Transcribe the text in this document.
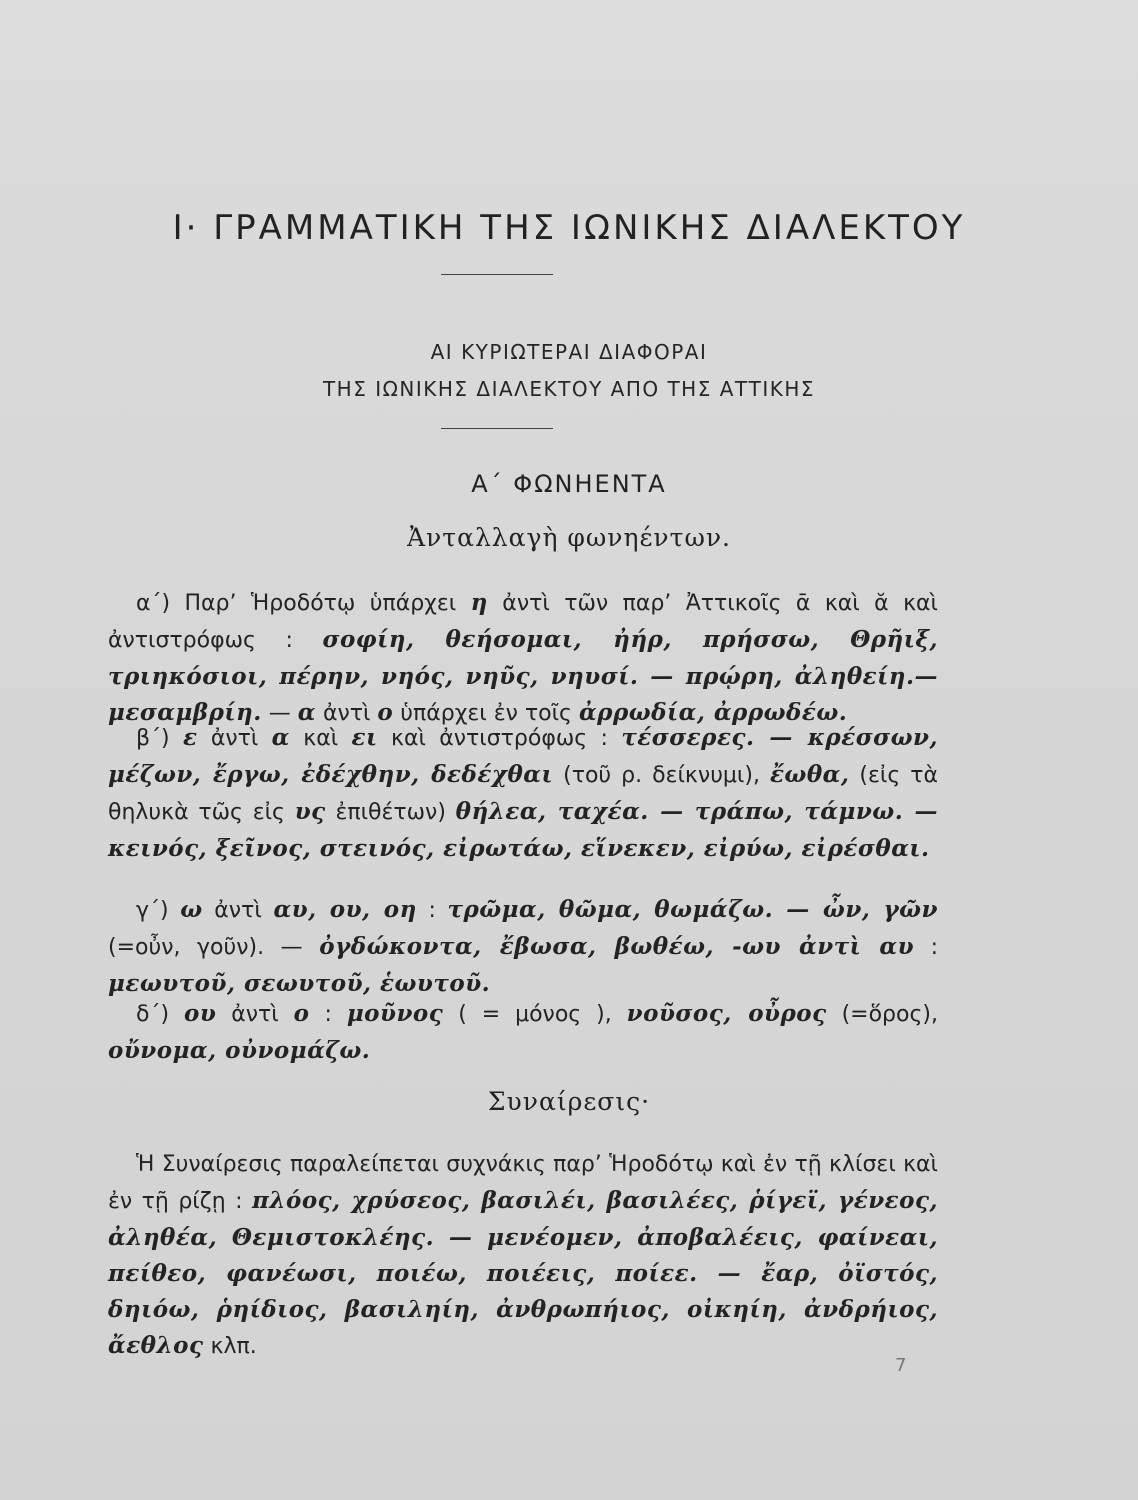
I· ΓΡΑΜΜΑΤΙΚΗ ΤΗΣ ΙΩΝΙΚΗΣ ΔΙΑΛΕΚΤΟΥ
ΑΙ ΚΥΡΙΩΤΕΡΑΙ ΔΙΑΦΟΡΑΙ
ΤΗΣ ΙΩΝΙΚΗΣ ΔΙΑΛΕΚΤΟΥ ΑΠΟ ΤΗΣ ΑΤΤΙΚΗΣ
Α΄ ΦΩΝΗΕΝΤΑ
Ἀνταλλαγὴ φωνηέντων.

α΄) Παρ’ Ἡροδότῳ ὑπάρχει η ἀντὶ τῶν παρ’ Ἀττικοῖς ᾱ καὶ ᾰ καὶ ἀντιστρόφως : σοφίη, θεήσομαι, ἠήρ, πρήσσω, Θρῆιξ, τριηκόσιοι, πέρην, νηός, νηῦς, νηυσί. — πρῴρη, ἀληθείη.— μεσαμβρίη. — α ἀντὶ ο ὑπάρχει ἐν τοῖς ἀρρωδία, ἀρρωδέω.

β΄) ε ἀντὶ α καὶ ει καὶ ἀντιστρόφως : τέσσερες. — κρέσσων, μέζων, ἔργω, ἐδέχθην, δεδέχθαι (τοῦ ρ. δείκνυμι), ἔωθα, (εἰς τὰ θηλυκὰ τῶς εἰς υς ἐπιθέτων) θήλεα, ταχέα. — τράπω, τάμνω. — κεινός, ξεῖνος, στεινός, εἰρωτάω, εἵνεκεν, εἰρύω, εἰρέσθαι.

γ΄) ω ἀντὶ αυ, ου, οη : τρῶμα, θῶμα, θωμάζω. — ὦν, γῶν (=οὖν, γοῦν). — ὀγδώκοντα, ἔβωσα, βωθέω, -ωυ ἀντὶ αυ : μεωυτοῦ, σεωυτοῦ, ἑωυτοῦ.

δ΄) ου ἀντὶ ο : μοῦνος ( = μόνος ), νοῦσος, οὖρος (=ὅρος), οὔνομα, οὐνομάζω.

Συναίρεσις·

Ἡ Συναίρεσις παραλείπεται συχνάκις παρ’ Ἡροδότῳ καὶ ἐν τῇ κλίσει καὶ ἐν τῇ ρίζῃ : πλόος, χρύσεος, βασιλέι, βασιλέες, ῥίγεϊ, γένεος, ἀληθέα, Θεμιστοκλέης. — μενέομεν, ἀποβαλέεις, φαίνεαι, πείθεο, φανέωσι, ποιέω, ποιέεις, ποίεε. — ἔαρ, ὀϊστός, δηιόω, ῥηίδιος, βασιληίη, ἀνθρωπήιος, οἰκηίη, ἀνδρήιος, ἄεθλος κλπ.

7
